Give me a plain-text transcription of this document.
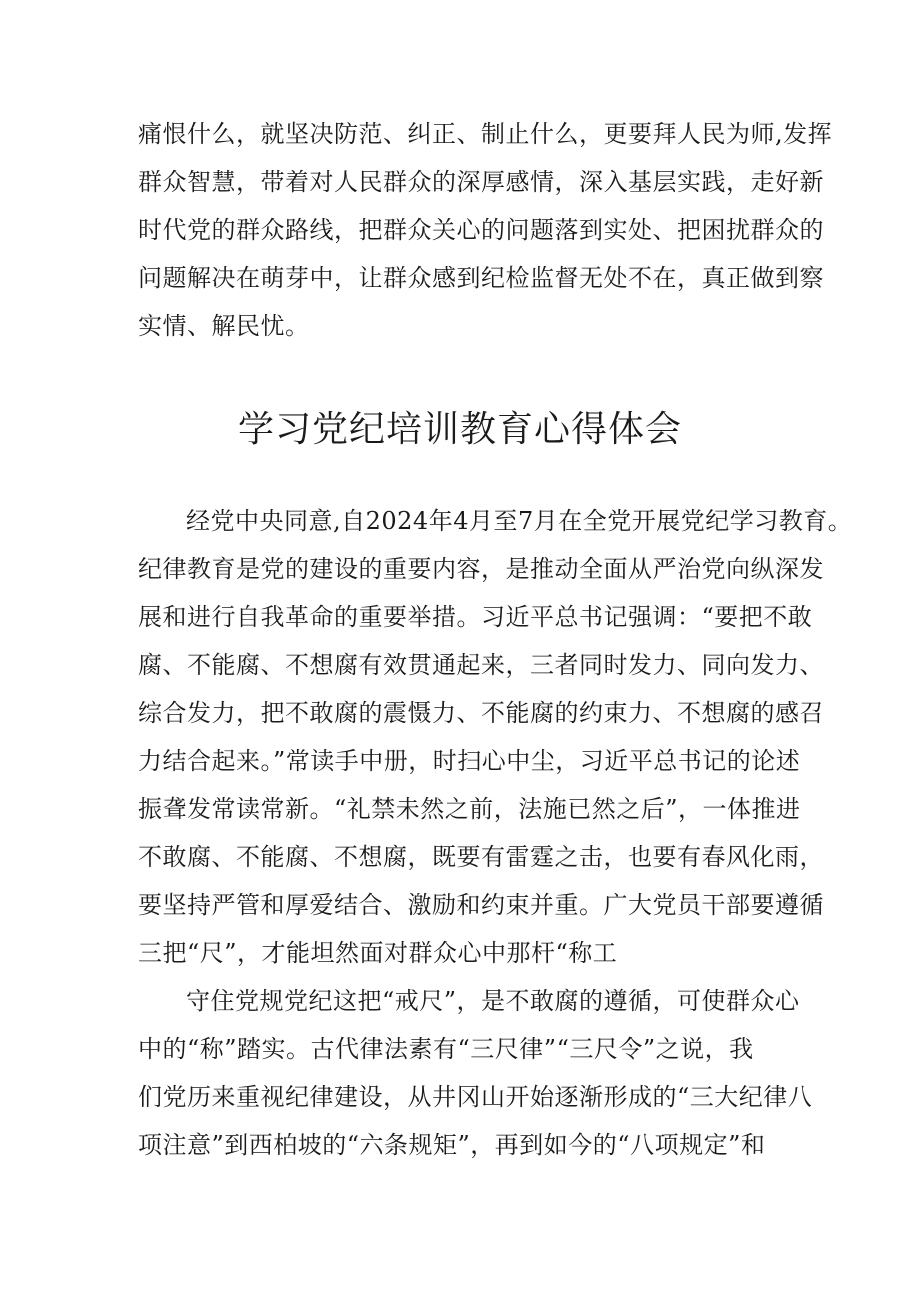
痛恨什么，就坚决防范、纠正、制止什么，更要拜人民为师,发挥
群众智慧，带着对人民群众的深厚感情，深入基层实践，走好新
时代党的群众路线，把群众关心的问题落到实处、把困扰群众的
问题解决在萌芽中，让群众感到纪检监督无处不在，真正做到察
实情、解民忧。
学习党纪培训教育心得体会
经党中央同意,自2024年4月至7月在全党开展党纪学习教育。
纪律教育是党的建设的重要内容，是推动全面从严治党向纵深发
展和进行自我革命的重要举措。习近平总书记强调：“要把不敢
腐、不能腐、不想腐有效贯通起来，三者同时发力、同向发力、
综合发力，把不敢腐的震慑力、不能腐的约束力、不想腐的感召
力结合起来。”常读手中册，时扫心中尘，习近平总书记的论述
振聋发常读常新。“礼禁未然之前，法施已然之后”，一体推进
不敢腐、不能腐、不想腐，既要有雷霆之击，也要有春风化雨，
要坚持严管和厚爱结合、激励和约束并重。广大党员干部要遵循
三把“尺”，才能坦然面对群众心中那杆“称工
守住党规党纪这把“戒尺”，是不敢腐的遵循，可使群众心
中的“称”踏实。古代律法素有“三尺律”“三尺令”之说，我
们党历来重视纪律建设，从井冈山开始逐渐形成的“三大纪律八
项注意”到西柏坡的“六条规矩”，再到如今的“八项规定”和
